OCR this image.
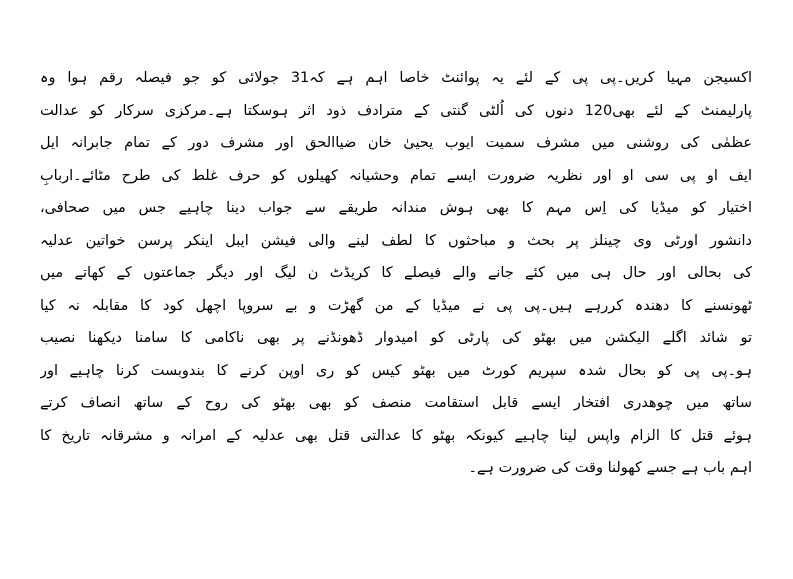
اکسیجن مہیا کریں۔پی پی کے لئے یہ پوائنٹ خاصا اہم ہے کہ31 جولائی کو جو فیصلہ رقم ہوا وہ
پارلیمنٹ کے لئے بھی120 دنوں کی اُلٹی گنتی کے مترادف ذود اثر ہوسکتا ہے۔مرکزی سرکار کو عدالت
عظمٰی کی روشنی میں مشرف سمیت ایوب یحییٰ خان ضیاالحق اور مشرف دور کے تمام جابرانہ ایل
ایف او پی سی او اور نظریہ ضرورت ایسے تمام وحشیانہ کھیلوں کو حرف غلط کی طرح مٹائے۔اربابِ
اختیار کو میڈیا کی اِس مہم کا بھی ہوش مندانہ طریقے سے جواب دینا چاہیے جس میں صحافی،
دانشور اورٹی وی چینلز پر بحث و مباحثوں کا لطف لینے والی فیشن ایبل اینکر پرسن خواتین عدلیہ
کی بحالی اور حال ہی میں کئے جانے والے فیصلے کا کریڈٹ ن لیگ اور دیگر جماعتوں کے کھاتے میں
ٹھونسنے کا دھندہ کررہے ہیں۔پی پی نے میڈیا کے من گھڑت و بے سروپا اچھل کود کا مقابلہ نہ کیا
تو شائد اگلے الیکشن میں بھٹو کی پارٹی کو امیدوار ڈھونڈنے پر بھی ناکامی کا سامنا دیکھنا نصیب
ہو۔پی پی کو بحال شدہ سپریم کورٹ میں بھٹو کیس کو ری اوپن کرنے کا بندوبست کرنا چاہیے اور
ساتھ میں چوھدری افتخار ایسے قابل استقامت منصف کو بھی بھٹو کی روح کے ساتھ انصاف کرتے
ہوئے قتل کا الزام واپس لینا چاہیے کیونکہ بھٹو کا عدالتی قتل بھی عدلیہ کے امرانہ و مشرقانہ تاریخ کا
اہم باب ہے جسے کھولنا وقت کی ضرورت ہے۔
